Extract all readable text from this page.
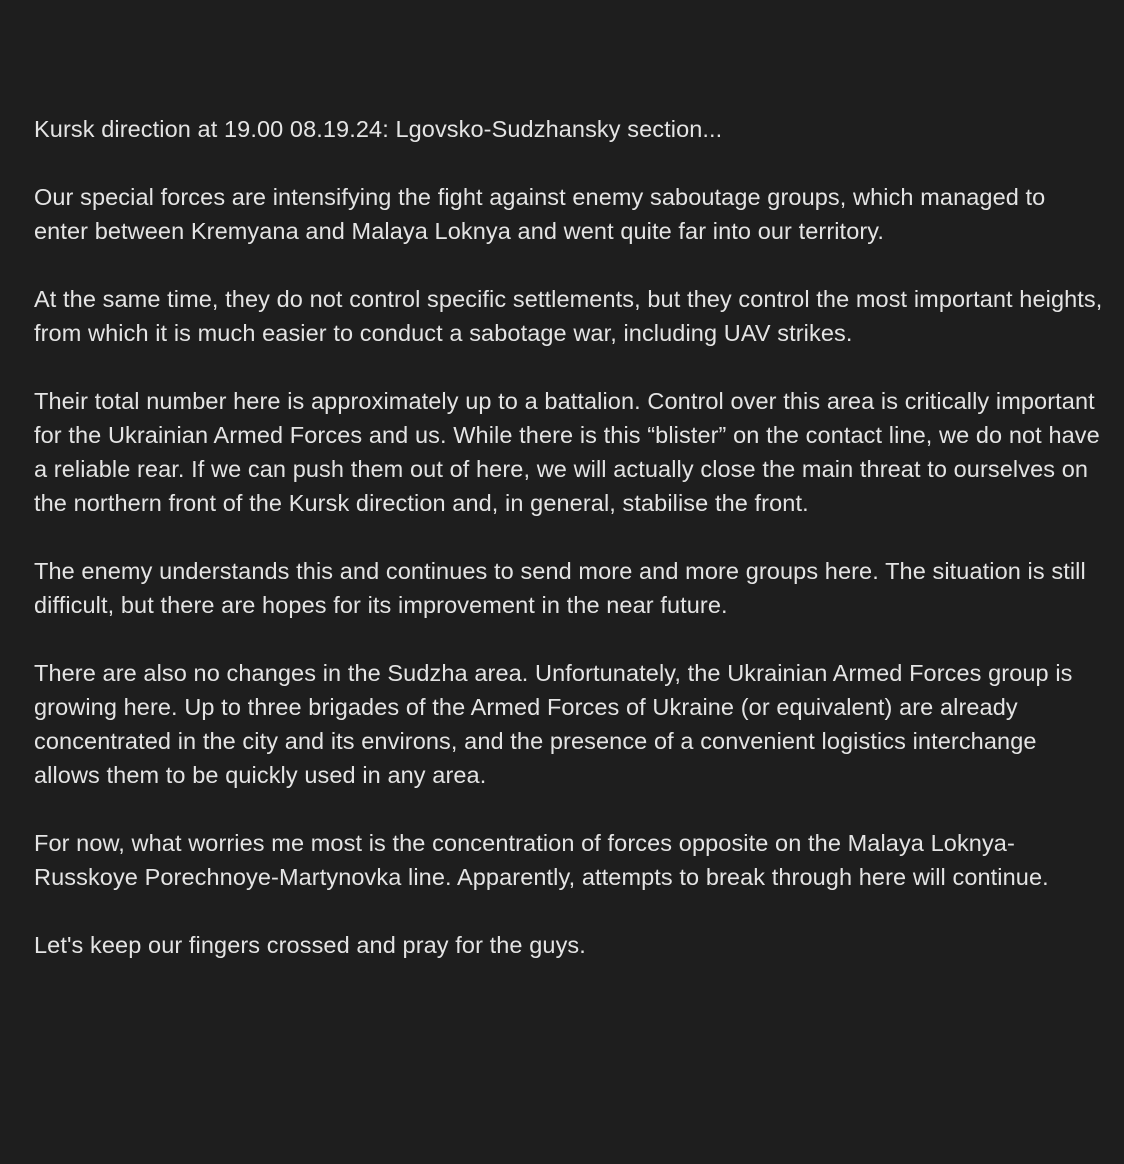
Kursk direction at 19.00 08.19.24: Lgovsko-Sudzhansky section...

Our special forces are intensifying the fight against enemy saboutage groups, which managed to enter between Kremyana and Malaya Loknya and went quite far into our territory.

At the same time, they do not control specific settlements, but they control the most important heights, from which it is much easier to conduct a sabotage war, including UAV strikes.

Their total number here is approximately up to a battalion. Control over this area is critically important for the Ukrainian Armed Forces and us. While there is this “blister” on the contact line, we do not have a reliable rear. If we can push them out of here, we will actually close the main threat to ourselves on the northern front of the Kursk direction and, in general, stabilise the front.

The enemy understands this and continues to send more and more groups here. The situation is still difficult, but there are hopes for its improvement in the near future.

There are also no changes in the Sudzha area. Unfortunately, the Ukrainian Armed Forces group is growing here. Up to three brigades of the Armed Forces of Ukraine (or equivalent) are already concentrated in the city and its environs, and the presence of a convenient logistics interchange allows them to be quickly used in any area.

For now, what worries me most is the concentration of forces opposite on the Malaya Loknya-Russkoye Porechnoye-Martynovka line. Apparently, attempts to break through here will continue.

Let's keep our fingers crossed and pray for the guys.
